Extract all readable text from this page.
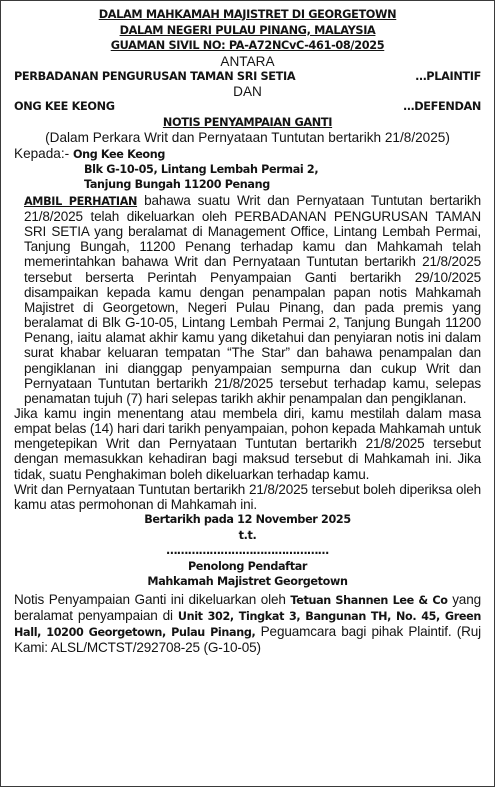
DALAM MAHKAMAH MAJISTRET DI GEORGETOWN
DALAM NEGERI PULAU PINANG, MALAYSIA
GUAMAN SIVIL NO: PA-A72NCvC-461-08/2025
ANTARA
PERBADANAN PENGURUSAN TAMAN SRI SETIA	…PLAINTIF
DAN
ONG KEE KEONG	…DEFENDAN
NOTIS PENYAMPAIAN GANTI
(Dalam Perkara Writ dan Pernyataan Tuntutan bertarikh 21/8/2025)
Kepada:- Ong Kee Keong
Blk G-10-05, Lintang Lembah Permai 2,
Tanjung Bungah 11200 Penang

AMBIL PERHATIAN bahawa suatu Writ dan Pernyataan Tuntutan bertarikh 21/8/2025 telah dikeluarkan oleh PERBADANAN PENGURUSAN TAMAN SRI SETIA yang beralamat di Management Office, Lintang Lembah Permai, Tanjung Bungah, 11200 Penang terhadap kamu dan Mahkamah telah memerintahkan bahawa Writ dan Pernyataan Tuntutan bertarikh 21/8/2025 tersebut berserta Perintah Penyampaian Ganti bertarikh 29/10/2025 disampaikan kepada kamu dengan penampalan papan notis Mahkamah Majistret di Georgetown, Negeri Pulau Pinang, dan pada premis yang beralamat di Blk G-10-05, Lintang Lembah Permai 2, Tanjung Bungah 11200 Penang, iaitu alamat akhir kamu yang diketahui dan penyiaran notis ini dalam surat khabar keluaran tempatan “The Star” dan bahawa penampalan dan pengiklanan ini dianggap penyampaian sempurna dan cukup Writ dan Pernyataan Tuntutan bertarikh 21/8/2025 tersebut terhadap kamu, selepas penamatan tujuh (7) hari selepas tarikh akhir penampalan dan pengiklanan.

Jika kamu ingin menentang atau membela diri, kamu mestilah dalam masa empat belas (14) hari dari tarikh penyampaian, pohon kepada Mahkamah untuk mengetepikan Writ dan Pernyataan Tuntutan bertarikh 21/8/2025 tersebut dengan memasukkan kehadiran bagi maksud tersebut di Mahkamah ini. Jika tidak, suatu Penghakiman boleh dikeluarkan terhadap kamu.

Writ dan Pernyataan Tuntutan bertarikh 21/8/2025 tersebut boleh diperiksa oleh kamu atas permohonan di Mahkamah ini.

Bertarikh pada 12 November 2025
t.t.
………………………………………
Penolong Pendaftar
Mahkamah Majistret Georgetown

Notis Penyampaian Ganti ini dikeluarkan oleh Tetuan Shannen Lee & Co yang beralamat penyampaian di Unit 302, Tingkat 3, Bangunan TH, No. 45, Green Hall, 10200 Georgetown, Pulau Pinang, Peguamcara bagi pihak Plaintif. (Ruj Kami: ALSL/MCTST/292708-25 (G-10-05)
